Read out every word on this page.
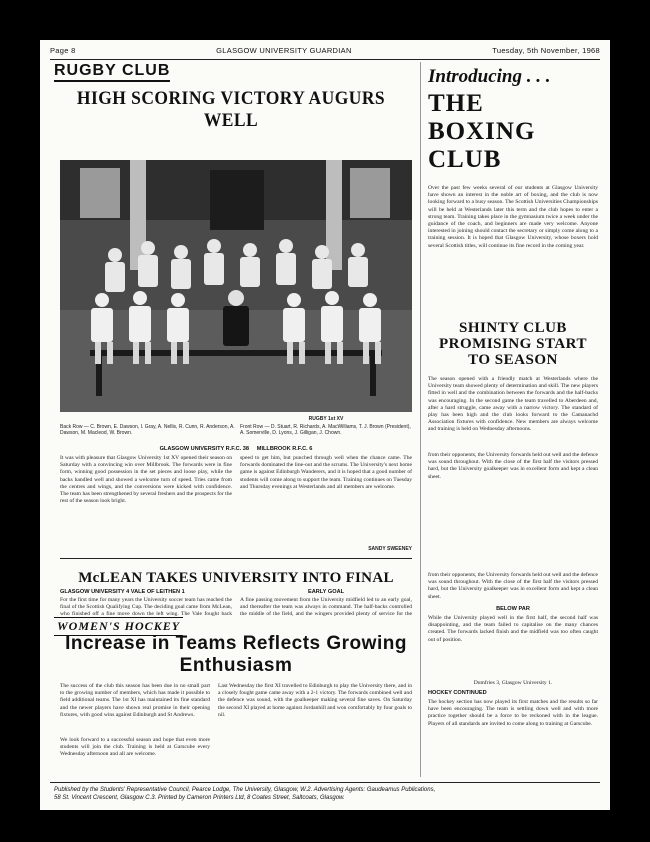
Page 8	GLASGOW UNIVERSITY GUARDIAN	Tuesday, 5th November, 1968
RUGBY CLUB
HIGH SCORING VICTORY AUGURS WELL
RUGBY 1st XV
Back Row — C. Brown, E. Dawson, I. Gray, A. Nellis, R. Cunn, R. Anderson, A. Dawson, M. Macleod, W. Brown.
Front Row — D. Stuart, R. Richards, A. MacWilliams, T. J. Brown (President), A. Somerville, D. Lyons, J. Gilligan, J. Chown.
GLASGOW UNIVERSITY R.F.C. 38 MILLBROOK R.F.C. 6
It was with pleasure that Glasgow University 1st XV opened their season on Saturday with a convincing win over Millbrook. The forwards were in fine form, winning good possession in the set pieces and loose play, while the backs handled well and showed a welcome turn of speed. Tries came from the centres and wings, and the conversions were kicked with confidence. The team has been strengthened by several freshers and the prospects for the rest of the season look bright.
speed to get him, but punched through well when the chance came. The forwards dominated the line-out and the scrums. The University's next home game is against Edinburgh Wanderers, and it is hoped that a good number of students will come along to support the team. Training continues on Tuesday and Thursday evenings at Westerlands and all members are welcome.
SANDY SWEENEY
McLEAN TAKES UNIVERSITY INTO FINAL
GLASGOW UNIVERSITY 4 VALE OF LEITHEN 1
For the first time for many years the University soccer team has reached the final of the Scottish Qualifying Cup. The deciding goal came from McLean, who finished off a fine move down the left wing. The Vale fought back
EARLY GOAL
A fine passing movement from the University midfield led to an early goal, and thereafter the team was always in command. The half-backs controlled the middle of the field, and the wingers provided plenty of service for the
WOMEN'S HOCKEY
Increase in Teams Reflects Growing Enthusiasm
The success of the club this season has been due in no small part to the growing number of members, which has made it possible to field additional teams. The 1st XI has maintained its fine standard and the newer players have shown real promise in their opening fixtures, with good wins against Edinburgh and St Andrews.
We look forward to a successful season and hope that even more students will join the club. Training is held at Garscube every Wednesday afternoon and all are welcome.
Last Wednesday the first XI travelled to Edinburgh to play the University there, and in a closely fought game came away with a 2-1 victory. The forwards combined well and the defence was sound, with the goalkeeper making several fine saves. On Saturday the second XI played at home against Jordanhill and won comfortably by four goals to nil.
Introducing . . .
THE
BOXING
CLUB
Over the past few weeks several of our students at Glasgow University have shown an interest in the noble art of boxing, and the club is now looking forward to a busy season. The Scottish Universities Championships will be held at Westerlands later this term and the club hopes to enter a strong team. Training takes place in the gymnasium twice a week under the guidance of the coach, and beginners are made very welcome. Anyone interested in joining should contact the secretary or simply come along to a training session. It is hoped that Glasgow University, whose boxers hold several Scottish titles, will continue its fine record in the coming year.
SHINTY CLUB PROMISING START TO SEASON
The season opened with a friendly match at Westerlands where the University team showed plenty of determination and skill. The new players fitted in well and the combination between the forwards and the half-backs was encouraging. In the second game the team travelled to Aberdeen and, after a hard struggle, came away with a narrow victory. The standard of play has been high and the club looks forward to the Camanachd Association fixtures with confidence. New members are always welcome and training is held on Wednesday afternoons.
from their opponents, the University forwards held out well and the defence was sound throughout. With the close of the first half the visitors pressed hard, but the University goalkeeper was in excellent form and kept a clean sheet.
from their opponents, the University forwards held out well and the defence was sound throughout. With the close of the first half the visitors pressed hard, but the University goalkeeper was in excellent form and kept a clean sheet.
BELOW PAR
While the University played well in the first half, the second half was disappointing, and the team failed to capitalise on the many chances created. The forwards lacked finish and the midfield was too often caught out of position.
Dumfries 3, Glasgow University 1.
HOCKEY CONTINUED
The hockey section has now played its first matches and the results so far have been encouraging. The team is settling down well and with more practice together should be a force to be reckoned with in the league. Players of all standards are invited to come along to training at Garscube.
Published by the Students' Representative Council, Pearce Lodge, The University, Glasgow, W.2. Advertising Agents: Gaudeamus Publications,
58 St. Vincent Crescent, Glasgow C.3. Printed by Cameron Printers Ltd, 8 Coates Street, Saltcoats, Glasgow.
